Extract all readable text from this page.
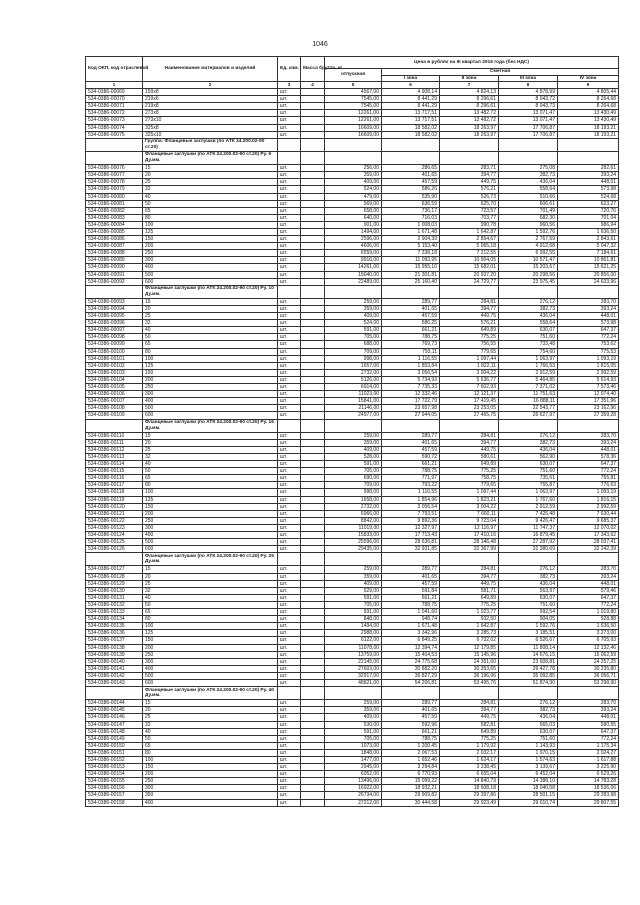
1046
Код ОКП, код отраслевой	Наименование материалов и изделий	Ед. изм.	Масса брутто, кг	Цена в рублях на III квартал 2016 года (без НДС)				
				отпускная	Сметная			
					I зона	II зона	III зона	IV зона
1	2	3	4	5	6	7	8	9
534-0386-00069	159х8	шт.		4567,00	4 908,14	4 824,13	4 878,99	4 805,44
534-0386-00070	219х6	шт.		7545,00	8 441,29	8 296,61	8 043,72	8 264,68
534-0386-00071	219х8	шт.		7545,00	8 441,29	8 296,61	8 043,73	8 264,68
534-0386-00072	273х8	шт.		12261,00	13 717,51	13 482,72	13 071,47	13 430,49
534-0386-00073	273х10	шт.		12261,00	13 717,51	13 482,72	13 071,47	13 430,49
534-0386-00074	325х8	шт.		16609,00	18 582,02	18 263,97	17 706,87	18 193,21
534-0386-00075	325х10	шт.		16609,00	18 582,02	18 263,97	17 706,87	18 193,21
	Группа: Фланцевые заглушки (по АТК 24.200.02-90 ст.20)							
	Фланцевые заглушки (по АТК 24.200.02-90 ст.20) Ру. 6 Ду.мм.							
534-0386-00076	15	шт.		256,00	286,65	283,71	275,08	282,61
534-0386-00077	20	шт.		359,00	401,65	394,77	382,73	393,24
534-0386-00078	25	шт.		409,00	457,59	449,75	436,04	448,01
534-0386-00079	32	шт.		524,00	586,26	576,21	558,64	573,98
534-0386-00080	40	шт.		479,00	535,90	526,73	510,66	524,68
534-0386-00081	50	шт.		569,00	636,59	625,70	606,61	623,27
534-0386-00082	65	шт.		658,00	736,17	723,57	701,49	720,76
534-0386-00083	80	шт.		640,00	716,03	703,77	682,30	701,04
534-0386-00084	100	шт.		901,00	1 008,03	990,78	960,56	986,94
534-0386-00085	125	шт.		1494,00	1 671,48	1 642,87	1 592,76	1 636,50
534-0386-00086	150	шт.		2596,00	2 904,39	2 854,67	2 767,59	2 843,61
534-0386-00087	200	шт.		4606,00	5 153,40	5 065,18	4 912,68	5 047,32
534-0386-00088	250	шт.		6559,00	7 338,18	7 212,55	6 992,55	7 184,61
534-0386-00089	300	шт.		9916,00	11 093,95	10 904,05	10 571,47	10 861,81
534-0386-00090	400	шт.		14261,00	15 955,10	15 682,01	15 203,67	15 621,25
534-0386-00091	500	шт.		19040,00	21 301,81	20 937,20	20 298,56	20 856,00
534-0386-00092	600	шт.		22489,00	25 160,40	24 729,77	23 975,45	24 633,96
	Фланцевые заглушки (по АТК 24.200.02-90 ст.20) Ру. 10 Ду.мм.							
534-0386-00093	15	шт.		259,00	289,77	284,81	276,12	283,70
534-0386-00094	20	шт.		359,00	401,65	394,77	382,73	393,24
534-0386-00095	25	шт.		409,00	457,59	449,75	436,04	448,01
534-0386-00096	32	шт.		524,00	586,25	576,21	558,64	573,98
534-0386-00097	40	шт.		591,00	661,21	649,89	630,07	647,37
534-0386-00098	50	шт.		705,00	788,75	775,25	751,60	772,24
534-0386-00099	65	шт.		688,00	769,73	756,55	733,48	753,62
534-0386-00100	80	шт.		709,00	793,11	779,65	754,60	775,53
534-0386-00101	100	шт.		998,00	1 116,55	1 097,44	1 063,97	1 093,19
534-0386-00102	125	шт.		1657,00	1 853,84	1 822,11	1 766,53	1 815,05
534-0386-00103	150	шт.		2732,00	3 056,54	3 004,22	2 912,59	2 992,59
534-0386-00104	200	шт.		5126,00	5 734,93	5 636,77	5 464,85	5 614,93
534-0386-00105	250	шт.		6914,00	7 735,33	7 602,93	7 371,02	7 573,46
534-0386-00106	300	шт.		11023,00	12 332,46	12 121,37	11 751,63	12 074,40
534-0386-00107	400	шт.		15841,00	17 722,79	17 419,45	16 888,11	17 351,96
534-0386-00108	500	шт.		21146,00	23 657,98	23 253,05	22 543,77	23 162,96
534-0386-00109	600	шт.		24977,00	27 944,05	27 465,75	26 627,97	27 359,28
	Фланцевые заглушки (по АТК 24.200.02-90 ст.20) Ру. 16 Ду.мм.							
534-0386-00110	15	шт.		259,00	289,77	284,81	276,12	283,70
534-0386-00111	20	шт.		359,00	401,65	394,77	382,73	393,24
534-0386-00112	25	шт.		409,00	457,59	449,75	436,04	448,01
534-0386-00113	32	шт.		528,00	590,72	580,61	562,90	578,36
534-0386-00114	40	шт.		591,00	661,21	649,89	630,07	647,37
534-0386-00115	50	шт.		705,00	788,75	775,25	751,60	772,24
534-0386-00116	65	шт.		690,00	771,97	758,75	735,61	755,81
534-0386-00117	80	шт.		709,00	793,22	779,65	755,87	776,63
534-0386-00118	100	шт.		998,00	1 116,55	1 097,44	1 063,97	1 093,19
534-0386-00119	125	шт.		1658,00	1 854,96	1 823,21	1 767,60	1 816,15
534-0386-00120	150	шт.		2732,00	3 056,54	3 004,22	2 912,59	2 992,59
534-0386-00121	200	шт.		6966,00	7 793,51	7 660,11	7 426,48	7 630,44
534-0386-00122	250	шт.		8842,00	9 892,36	9 723,04	9 426,47	9 685,37
534-0386-00123	300	шт.		11019,00	12 327,97	12 116,97	11 747,37	12 070,02
534-0386-00124	400	шт.		15833,00	17 713,43	17 410,16	16 879,45	17 343,62
534-0386-00125	500	шт.		25596,00	28 636,81	28 146,48	27 287,92	28 037,41
534-0386-00126	600	шт.		29435,00	32 931,85	32 367,99	31 380,69	32 242,39
	Фланцевые заглушки (по АТК 24.200.02-90 ст.20) Ру. 25 Ду.мм.							
534-0386-00127	15	шт.		259,00	289,77	284,81	276,12	283,70
534-0386-00128	20	шт.		359,00	401,65	394,77	382,73	393,24
534-0386-00129	25	шт.		409,00	457,59	449,75	436,04	448,01
534-0386-00130	32	шт.		529,00	591,84	581,71	563,97	579,46
534-0386-00131	40	шт.		591,00	661,21	649,89	630,07	647,37
534-0386-00132	50	шт.		705,00	788,75	775,25	751,60	772,24
534-0386-00133	65	шт.		931,00	1 041,60	1 023,77	992,54	1 019,80
534-0386-00134	80	шт.		848,00	948,74	932,50	904,05	928,88
534-0386-00135	100	шт.		1494,00	1 671,48	1 642,87	1 592,76	1 636,50
534-0386-00136	125	шт.		2988,00	3 342,96	3 285,73	3 185,51	3 273,00
534-0386-00137	150	шт.		6122,00	6 849,25	6 732,02	6 526,67	6 705,93
534-0386-00138	200	шт.		11078,00	12 394,74	12 179,85	11 808,14	12 132,46
534-0386-00139	250	шт.		13759,00	15 404,53	15 145,96	14 676,15	15 062,59
534-0386-00140	300	шт.		22145,00	24 775,68	24 351,60	23 608,81	24 257,25
534-0386-00141	400	шт.		27603,00	30 882,20	30 353,65	29 427,78	30 235,80
534-0386-00142	500	шт.		32917,00	36 827,29	36 196,96	35 092,85	36 056,71
534-0386-00143	600	шт.		48821,00	54 206,81	53 495,76	51 874,90	53 298,90
	Фланцевые заглушки (по АТК 24.200.02-90 ст.20) Ру. 40 Ду.мм.							
534-0386-00144	15	шт.		259,00	289,77	284,81	276,12	283,70
534-0386-00145	20	шт.		359,00	401,65	394,77	382,73	393,24
534-0386-00146	25	шт.		409,00	457,59	449,75	436,04	448,01
534-0386-00147	32	шт.		530,00	592,96	582,81	565,03	580,55
534-0386-00148	40	шт.		591,00	661,21	649,89	630,07	647,37
534-0386-00149	50	шт.		705,00	788,75	775,25	751,60	772,24
534-0386-00150	65	шт.		1073,00	1 200,45	1 179,92	1 143,93	1 175,34
534-0386-00151	80	шт.		1848,00	2 067,53	2 032,17	1 970,15	2 024,27
534-0386-00152	100	шт.		1477,00	1 652,46	1 624,17	1 574,63	1 617,88
534-0386-00153	150	шт.		2945,00	3 294,84	3 238,45	3 139,67	3 225,90
534-0386-00154	200	шт.		6052,00	6 770,93	6 655,04	6 452,04	6 629,26
534-0386-00155	250	шт.		13496,00	15 099,22	14 840,79	14 388,10	14 783,28
534-0386-00156	300	шт.		16922,00	18 932,21	18 608,18	18 040,58	18 536,06
534-0386-00157	350	шт.		26734,00	29 909,82	29 397,86	28 501,15	29 283,98
534-0386-00158	400	шт.		27212,00	30 444,58	29 923,49	29 010,74	29 807,55
